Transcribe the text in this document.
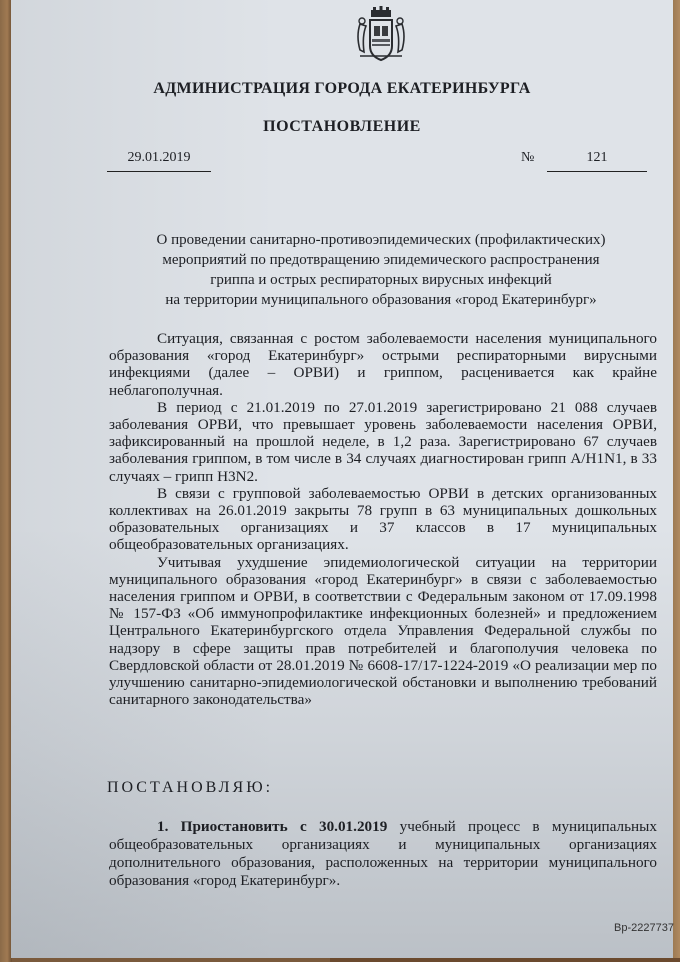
АДМИНИСТРАЦИЯ ГОРОДА ЕКАТЕРИНБУРГА
ПОСТАНОВЛЕНИЕ
29.01.2019	№	121
О проведении санитарно-противоэпидемических (профилактических)
мероприятий по предотвращению эпидемического распространения
гриппа и острых респираторных вирусных инфекций
на территории муниципального образования «город Екатеринбург»

Ситуация, связанная с ростом заболеваемости населения муниципального образования «город Екатеринбург» острыми респираторными вирусными инфекциями (далее – ОРВИ) и гриппом, расценивается как крайне неблагополучная.

В период с 21.01.2019 по 27.01.2019 зарегистрировано 21 088 случаев заболевания ОРВИ, что превышает уровень заболеваемости населения ОРВИ, зафиксированный на прошлой неделе, в 1,2 раза. Зарегистрировано 67 случаев заболевания гриппом, в том числе в 34 случаях диагностирован грипп A/H1N1, в 33 случаях – грипп H3N2.

В связи с групповой заболеваемостью ОРВИ в детских организованных коллективах на 26.01.2019 закрыты 78 групп в 63 муниципальных дошкольных образовательных организациях и 37 классов в 17 муниципальных общеобразовательных организациях.

Учитывая ухудшение эпидемиологической ситуации на территории муниципального образования «город Екатеринбург» в связи с заболеваемостью населения гриппом и ОРВИ, в соответствии с Федеральным законом от 17.09.1998 № 157-ФЗ «Об иммунопрофилактике инфекционных болезней» и предложением Центрального Екатеринбургского отдела Управления Федеральной службы по надзору в сфере защиты прав потребителей и благополучия человека по Свердловской области от 28.01.2019 № 6608-17/17-1224-2019 «О реализации мер по улучшению санитарно-эпидемиологической обстановки и выполнению требований санитарного законодательства»

ПОСТАНОВЛЯЮ:

1. Приостановить с 30.01.2019 учебный процесс в муниципальных общеобразовательных организациях и муниципальных организациях дополнительного образования, расположенных на территории муниципального образования «город Екатеринбург».

Вр-2227737
